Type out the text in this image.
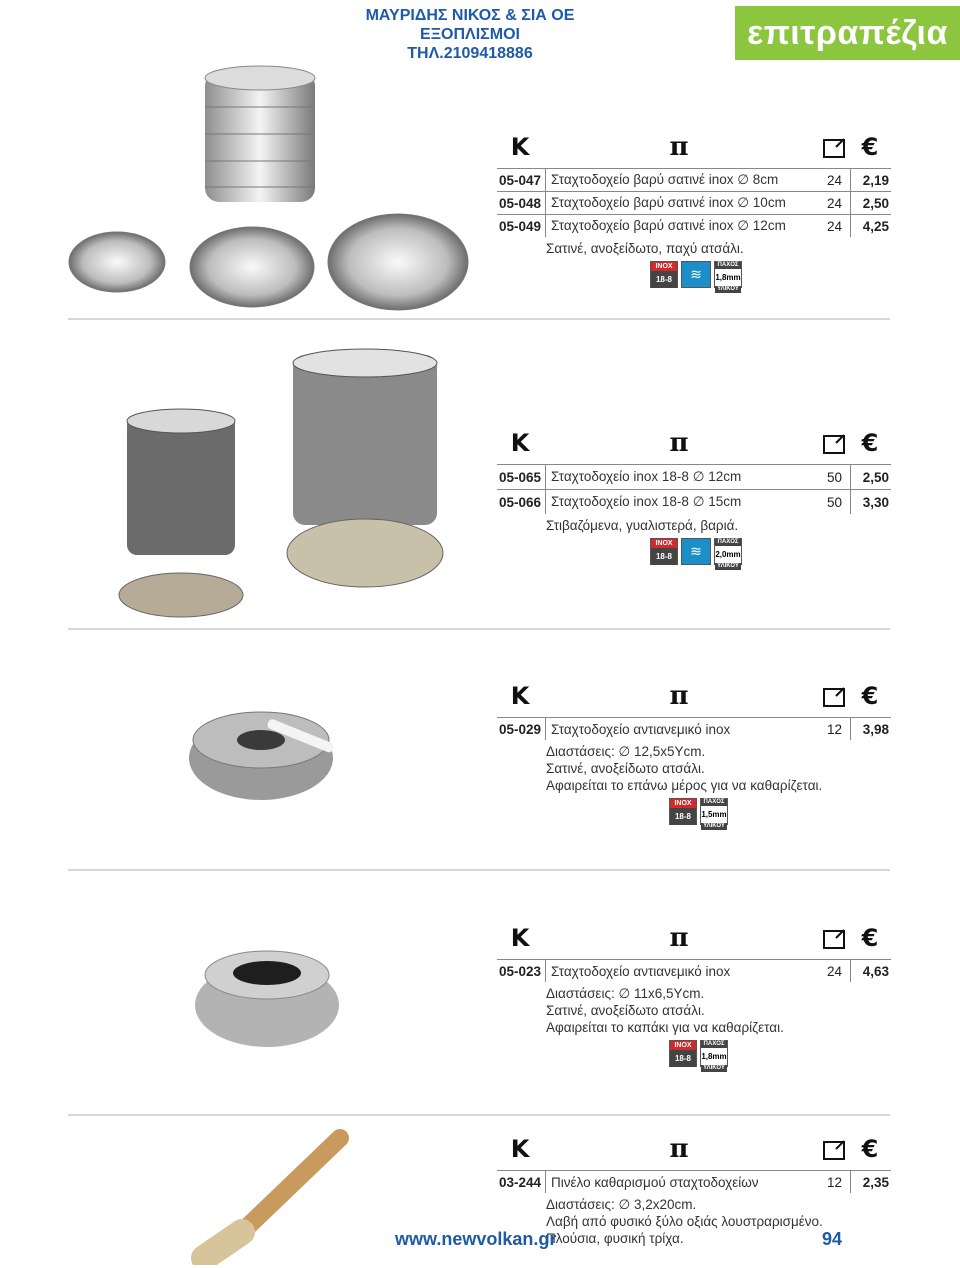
ΜΑΥΡΙΔΗΣ ΝΙΚΟΣ & ΣΙΑ ΟΕ
ΕΞΟΠΛΙΣΜΟΙ
ΤΗΛ.2109418886
επιτραπέζια
K	π	€
05-047 Σταχτοδοχείο βαρύ σατινέ inox ∅ 8cm	24	2,19
05-048 Σταχτοδοχείο βαρύ σατινέ inox ∅ 10cm	24	2,50
05-049 Σταχτοδοχείο βαρύ σατινέ inox ∅ 12cm	24	4,25
Σατινέ, ανοξείδωτο, παχύ ατσάλι.
INOX
18-8	≋
ΠΑΧΟΣ
1,8mm
ΥΛΙΚΟΥ
K	π	€
05-065 Σταχτοδοχείο inox 18-8 ∅ 12cm	50	2,50
05-066 Σταχτοδοχείο inox 18-8 ∅ 15cm	50	3,30
Στιβαζόμενα, γυαλιστερά, βαριά.
INOX
18-8	≋
ΠΑΧΟΣ
2,0mm
ΥΛΙΚΟΥ
K	π	€
05-029 Σταχτοδοχείο αντιανεμικό inox	12	3,98
Διαστάσεις: ∅ 12,5x5Ycm.
Σατινέ, ανοξείδωτο ατσάλι.
Αφαιρείται το επάνω μέρος για να καθαρίζεται.
INOX
18-8
ΠΑΧΟΣ
1,5mm
ΥΛΙΚΟΥ
K	π	€
05-023 Σταχτοδοχείο αντιανεμικό inox	24	4,63
Διαστάσεις: ∅ 11x6,5Ycm.
Σατινέ, ανοξείδωτο ατσάλι.
Αφαιρείται το καπάκι για να καθαρίζεται.
INOX
18-8
ΠΑΧΟΣ
1,8mm
ΥΛΙΚΟΥ
K	π	€
03-244 Πινέλο καθαρισμού σταχτοδοχείων	12	2,35
Διαστάσεις: ∅ 3,2x20cm.
Λαβή από φυσικό ξύλο οξιάς λουστραρισμένο.
Πλούσια, φυσική τρίχα.
www.newvolkan.gr	94
